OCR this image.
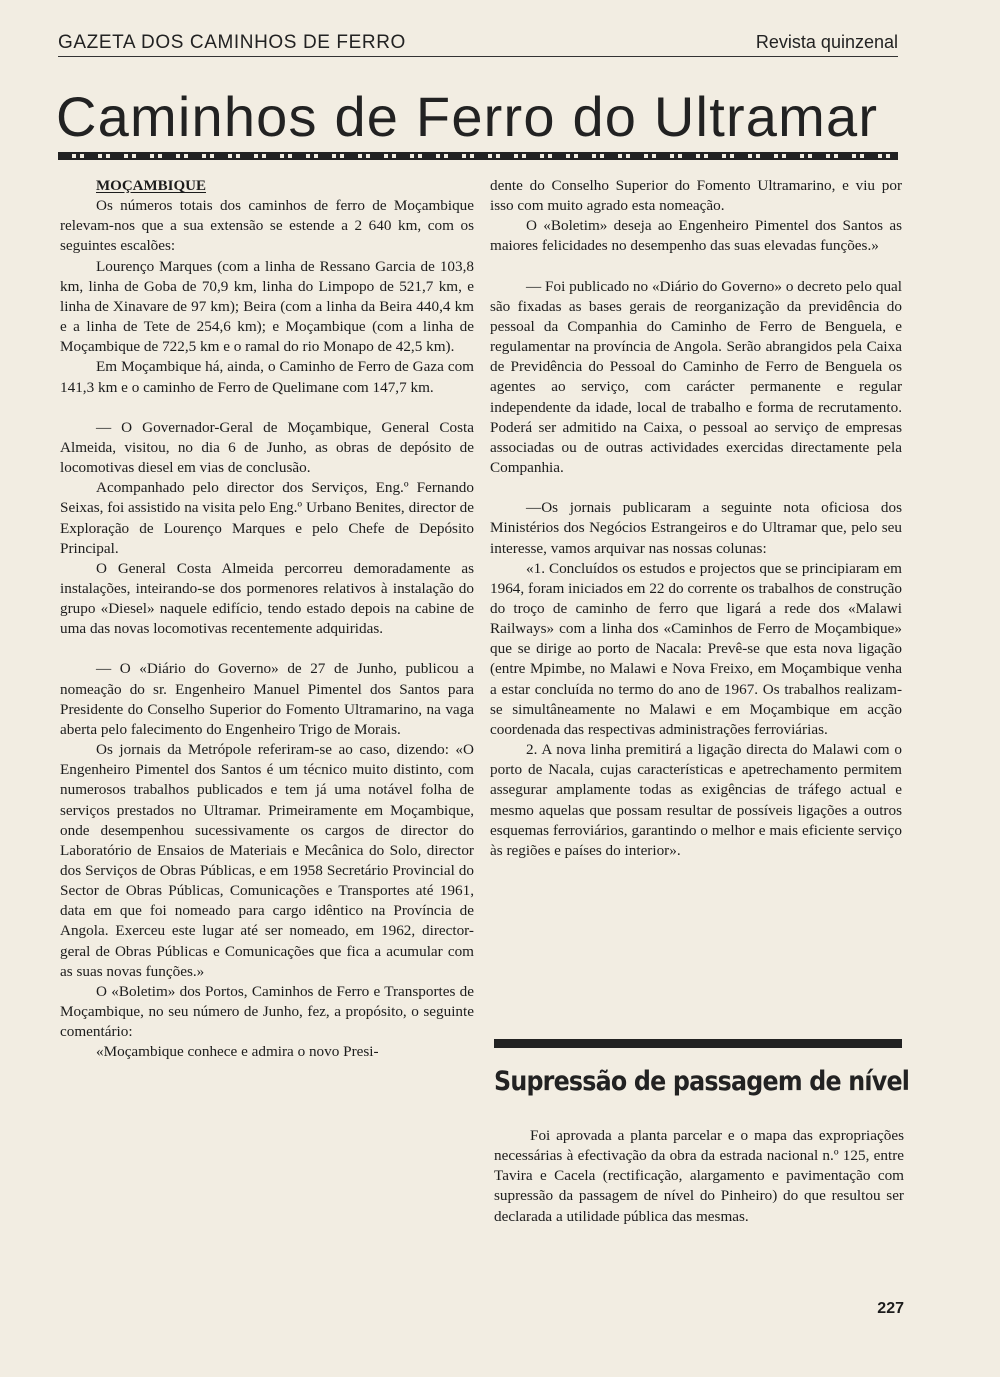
GAZETA DOS CAMINHOS DE FERRO	Revista quinzenal
Caminhos de Ferro do Ultramar

MOÇAMBIQUE

Os números totais dos caminhos de ferro de Moçambique relevam-nos que a sua extensão se estende a 2 640 km, com os seguintes escalões:

Lourenço Marques (com a linha de Ressano Garcia de 103,8 km, linha de Goba de 70,9 km, linha do Limpopo de 521,7 km, e linha de Xinavare de 97 km); Beira (com a linha da Beira 440,4 km e a linha de Tete de 254,6 km); e Moçambique (com a linha de Moçambique de 722,5 km e o ramal do rio Monapo de 42,5 km).

Em Moçambique há, ainda, o Caminho de Ferro de Gaza com 141,3 km e o caminho de Ferro de Quelimane com 147,7 km.

— O Governador-Geral de Moçambique, General Costa Almeida, visitou, no dia 6 de Junho, as obras de depósito de locomotivas diesel em vias de conclusão.

Acompanhado pelo director dos Serviços, Eng.º Fernando Seixas, foi assistido na visita pelo Eng.º Urbano Benites, director de Exploração de Lourenço Marques e pelo Chefe de Depósito Principal.

O General Costa Almeida percorreu demoradamente as instalações, inteirando-se dos pormenores relativos à instalação do grupo «Diesel» naquele edifício, tendo estado depois na cabine de uma das novas locomotivas recentemente adquiridas.

— O «Diário do Governo» de 27 de Junho, publicou a nomeação do sr. Engenheiro Manuel Pimentel dos Santos para Presidente do Conselho Superior do Fomento Ultramarino, na vaga aberta pelo falecimento do Engenheiro Trigo de Morais.

Os jornais da Metrópole referiram-se ao caso, dizendo: «O Engenheiro Pimentel dos Santos é um técnico muito distinto, com numerosos trabalhos publicados e tem já uma notável folha de serviços prestados no Ultramar. Primeiramente em Moçambique, onde desempenhou sucessivamente os cargos de director do Laboratório de Ensaios de Materiais e Mecânica do Solo, director dos Serviços de Obras Públicas, e em 1958 Secretário Provincial do Sector de Obras Públicas, Comunicações e Transportes até 1961, data em que foi nomeado para cargo idêntico na Província de Angola. Exerceu este lugar até ser nomeado, em 1962, director-geral de Obras Públicas e Comunicações que fica a acumular com as suas novas funções.»

O «Boletim» dos Portos, Caminhos de Ferro e Transportes de Moçambique, no seu número de Junho, fez, a propósito, o seguinte comentário:

«Moçambique conhece e admira o novo Presi-

dente do Conselho Superior do Fomento Ultramarino, e viu por isso com muito agrado esta nomeação.

O «Boletim» deseja ao Engenheiro Pimentel dos Santos as maiores felicidades no desempenho das suas elevadas funções.»

— Foi publicado no «Diário do Governo» o decreto pelo qual são fixadas as bases gerais de reorganização da previdência do pessoal da Companhia do Caminho de Ferro de Benguela, e regulamentar na província de Angola. Serão abrangidos pela Caixa de Previdência do Pessoal do Caminho de Ferro de Benguela os agentes ao serviço, com carácter permanente e regular independente da idade, local de trabalho e forma de recrutamento. Poderá ser admitido na Caixa, o pessoal ao serviço de empresas associadas ou de outras actividades exercidas directamente pela Companhia.

—Os jornais publicaram a seguinte nota oficiosa dos Ministérios dos Negócios Estrangeiros e do Ultramar que, pelo seu interesse, vamos arquivar nas nossas colunas:

«1. Concluídos os estudos e projectos que se principiaram em 1964, foram iniciados em 22 do corrente os trabalhos de construção do troço de caminho de ferro que ligará a rede dos «Malawi Railways» com a linha dos «Caminhos de Ferro de Moçambique» que se dirige ao porto de Nacala: Prevê-se que esta nova ligação (entre Mpimbe, no Malawi e Nova Freixo, em Moçambique venha a estar concluída no termo do ano de 1967. Os trabalhos realizam-se simultâneamente no Malawi e em Moçambique em acção coordenada das respectivas administrações ferroviárias.

2. A nova linha premitirá a ligação directa do Malawi com o porto de Nacala, cujas características e apetrechamento permitem assegurar amplamente todas as exigências de tráfego actual e mesmo aquelas que possam resultar de possíveis ligações a outros esquemas ferroviários, garantindo o melhor e mais eficiente serviço às regiões e países do interior».

Supressão de passagem de nível

Foi aprovada a planta parcelar e o mapa das expropriações necessárias à efectivação da obra da estrada nacional n.º 125, entre Tavira e Cacela (rectificação, alargamento e pavimentação com supressão da passagem de nível do Pinheiro) do que resultou ser declarada a utilidade pública das mesmas.

227
